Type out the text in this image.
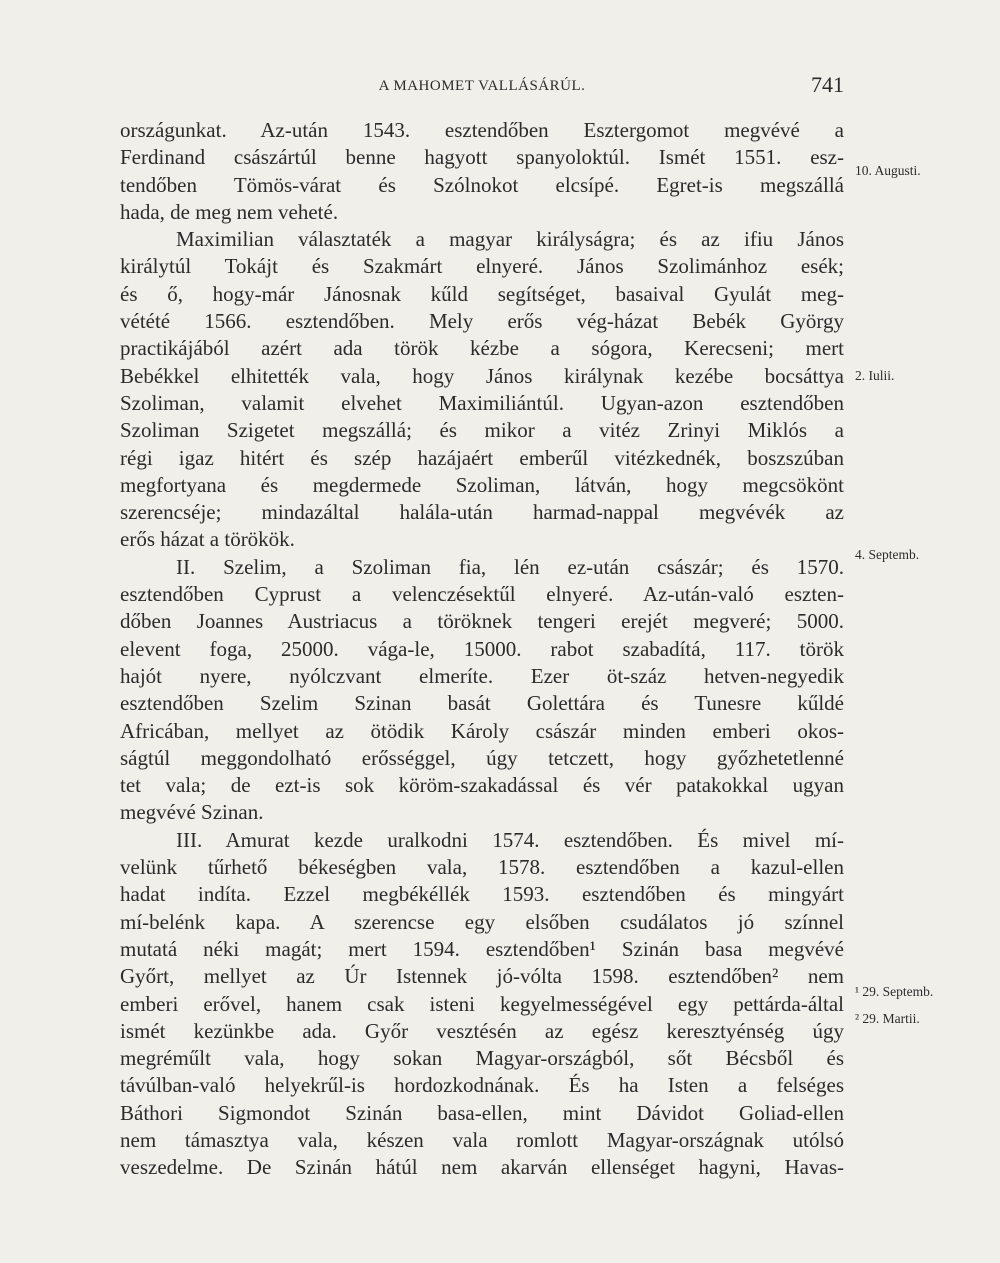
A MAHOMET VALLÁSÁRÚL.	741
országunkat. Az-után 1543. esztendőben Esztergomot megvévé a
Ferdinand császártúl benne hagyott spanyoloktúl. Ismét 1551. esz-
tendőben Tömös-várat és Szólnokot elcsípé. Egret-is megszállá
hada, de meg nem veheté.
Maximilian választaték a magyar királyságra; és az ifiu János
királytúl Tokájt és Szakmárt elnyeré. János Szolimánhoz esék;
és ő, hogy-már Jánosnak kűld segítséget, basaival Gyulát meg-
vétété 1566. esztendőben. Mely erős vég-házat Bebék György
practikájából azért ada török kézbe a sógora, Kerecseni; mert
Bebékkel elhitették vala, hogy János királynak kezébe bocsáttya
Szoliman, valamit elvehet Maximiliántúl. Ugyan-azon esztendőben
Szoliman Szigetet megszállá; és mikor a vitéz Zrinyi Miklós a
régi igaz hitért és szép hazájaért emberűl vitézkednék, boszszúban
megfortyana és megdermede Szoliman, látván, hogy megcsökönt
szerencséje; mindazáltal halála-után harmad-nappal megvévék az
erős házat a törökök.
II. Szelim, a Szoliman fia, lén ez-után császár; és 1570.
esztendőben Cyprust a velenczésektűl elnyeré. Az-után-való eszten-
dőben Joannes Austriacus a töröknek tengeri erejét megveré; 5000.
elevent foga, 25000. vága-le, 15000. rabot szabadítá, 117. török
hajót nyere, nyólczvant elmeríte. Ezer öt-száz hetven-negyedik
esztendőben Szelim Szinan basát Golettára és Tunesre kűldé
Africában, mellyet az ötödik Károly császár minden emberi okos-
ságtúl meggondolható erősséggel, úgy tetczett, hogy győzhetetlenné
tet vala; de ezt-is sok köröm-szakadással és vér patakokkal ugyan
megvévé Szinan.
III. Amurat kezde uralkodni 1574. esztendőben. És mivel mí-
velünk tűrhető békeségben vala, 1578. esztendőben a kazul-ellen
hadat indíta. Ezzel megbékéllék 1593. esztendőben és mingyárt
mí-belénk kapa. A szerencse egy elsőben csudálatos jó színnel
mutatá néki magát; mert 1594. esztendőben¹ Szinán basa megvévé
Győrt, mellyet az Úr Istennek jó-vólta 1598. esztendőben² nem
emberi erővel, hanem csak isteni kegyelmességével egy pettárda-által
ismét kezünkbe ada. Győr vesztésén az egész keresztyénség úgy
megréműlt vala, hogy sokan Magyar-országból, sőt Bécsből és
távúlban-való helyekrűl-is hordozkodnának. És ha Isten a felséges
Báthori Sigmondot Szinán basa-ellen, mint Dávidot Goliad-ellen
nem támasztya vala, készen vala romlott Magyar-országnak utólsó
veszedelme. De Szinán hátúl nem akarván ellenséget hagyni, Havas-
10. Augusti.
2. Iulii.
4. Septemb.
¹ 29. Septemb.
² 29. Martii.
